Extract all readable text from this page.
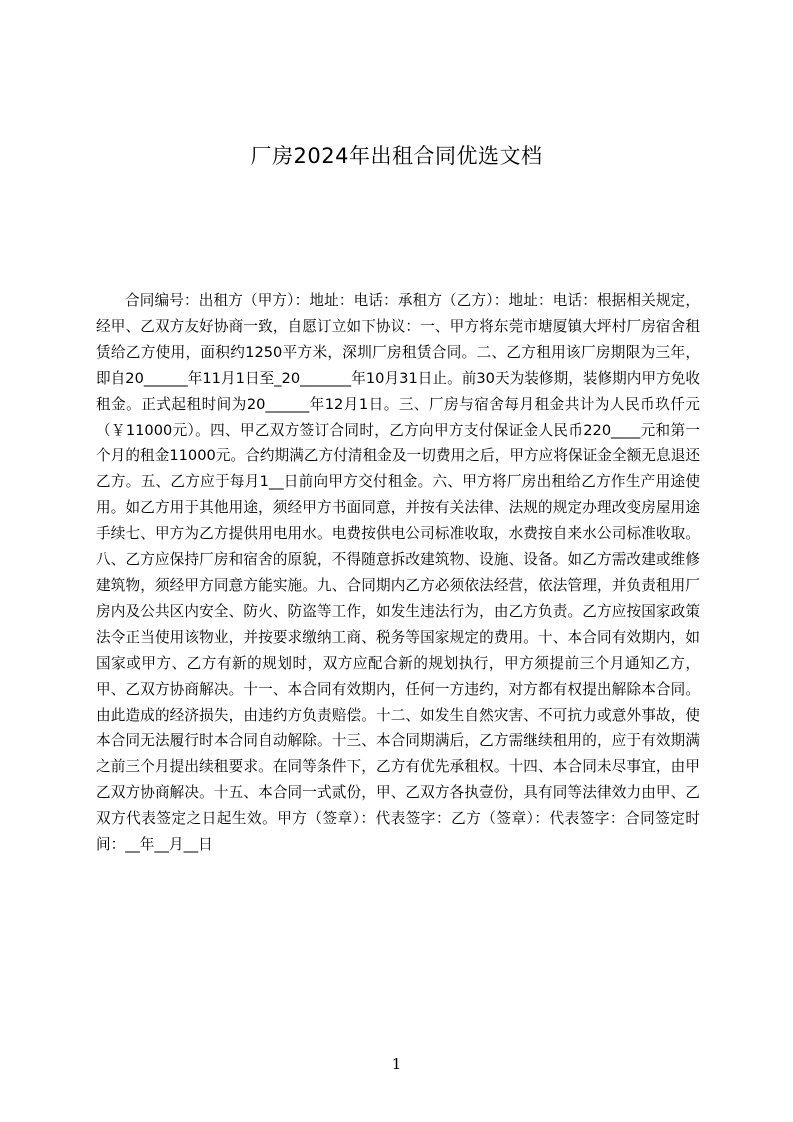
厂房2024年出租合同优选文档

合同编号：出租方（甲方）：地址：电话：承租方（乙方）：地址：电话：根据相关规定，经甲、乙双方友好协商一致，自愿订立如下协议：一、甲方将东莞市塘厦镇大坪村厂房宿舍租赁给乙方使用，面积约1250平方米，深圳厂房租赁合同。二、乙方租用该厂房期限为三年，即自20______年11月1日至_20_______年10月31日止。前30天为装修期，装修期内甲方免收租金。正式起租时间为20______年12月1日。三、厂房与宿舍每月租金共计为人民币玖仟元（￥11000元）。四、甲乙双方签订合同时，乙方向甲方支付保证金人民币220____元和第一个月的租金11000元。合约期满乙方付清租金及一切费用之后，甲方应将保证金全额无息退还乙方。五、乙方应于每月1__日前向甲方交付租金。六、甲方将厂房出租给乙方作生产用途使用。如乙方用于其他用途，须经甲方书面同意，并按有关法律、法规的规定办理改变房屋用途手续七、甲方为乙方提供用电用水。电费按供电公司标准收取，水费按自来水公司标准收取。八、乙方应保持厂房和宿舍的原貌，不得随意拆改建筑物、设施、设备。如乙方需改建或维修建筑物，须经甲方同意方能实施。九、合同期内乙方必须依法经营，依法管理，并负责租用厂房内及公共区内安全、防火、防盗等工作，如发生违法行为，由乙方负责。乙方应按国家政策法令正当使用该物业，并按要求缴纳工商、税务等国家规定的费用。十、本合同有效期内，如国家或甲方、乙方有新的规划时，双方应配合新的规划执行，甲方须提前三个月通知乙方，甲、乙双方协商解决。十一、本合同有效期内，任何一方违约，对方都有权提出解除本合同。由此造成的经济损失，由违约方负责赔偿。十二、如发生自然灾害、不可抗力或意外事故，使本合同无法履行时本合同自动解除。十三、本合同期满后，乙方需继续租用的，应于有效期满之前三个月提出续租要求。在同等条件下，乙方有优先承租权。十四、本合同未尽事宜，由甲乙双方协商解决。十五、本合同一式贰份，甲、乙双方各执壹份，具有同等法律效力由甲、乙双方代表签定之日起生效。甲方（签章）：代表签字：乙方（签章）：代表签字：合同签定时间：__年__月__日

1
